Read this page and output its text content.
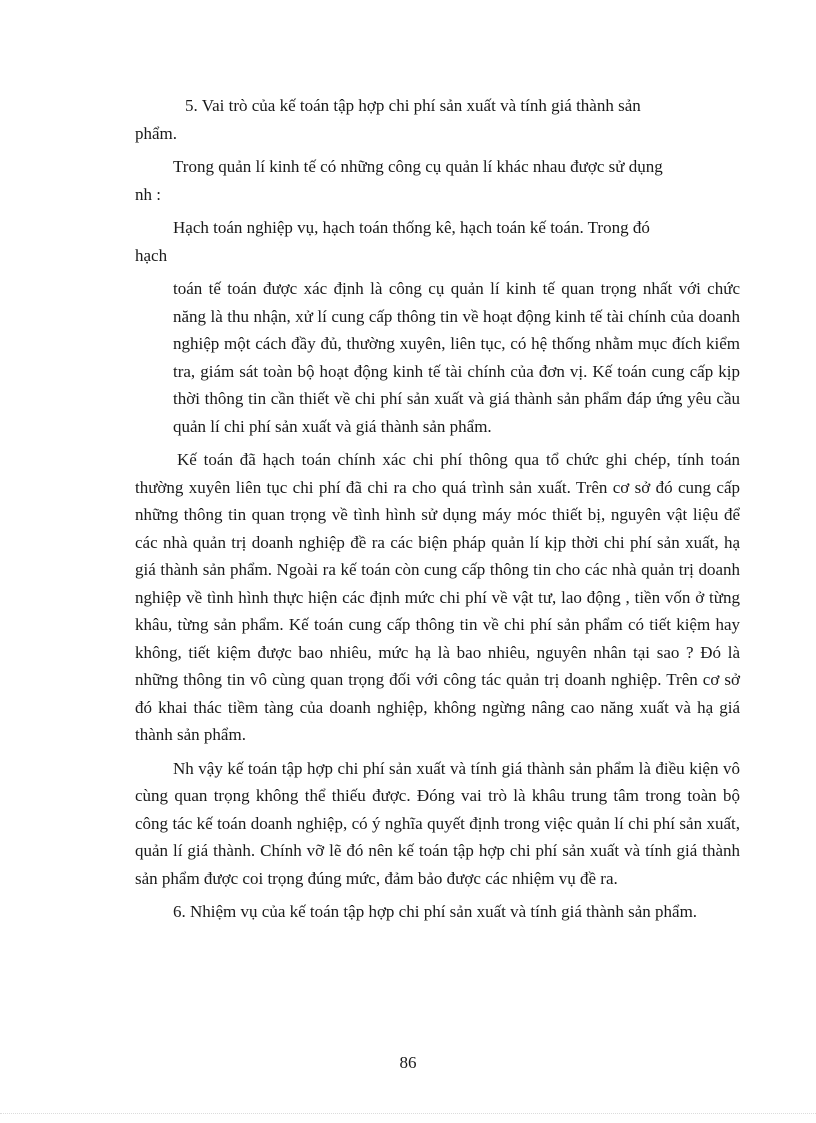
5. Vai trò của kế toán tập hợp chi phí sản xuất và tính giá thành sản
phẩm.

Trong quản lí kinh tế có những công cụ quản lí khác nhau được sử dụng
nh :

Hạch toán nghiệp vụ, hạch toán thống kê, hạch toán kế toán. Trong đó
hạch

toán tế toán được xác định là công cụ quản lí kinh tế quan trọng nhất với chức năng là thu nhận, xử lí cung cấp thông tin về hoạt động kinh tế tài chính của doanh nghiệp một cách đầy đủ, thường xuyên, liên tục, có hệ thống nhằm mục đích kiểm tra, giám sát toàn bộ hoạt động kinh tế tài chính của đơn vị. Kế toán cung cấp kịp thời thông tin cần thiết về chi phí sản xuất và giá thành sản phẩm đáp ứng yêu cầu quản lí chi phí sản xuất và giá thành sản phẩm.

Kế toán đã hạch toán chính xác chi phí thông qua tổ chức ghi chép, tính toán thường xuyên liên tục chi phí đã chi ra cho quá trình sản xuất. Trên cơ sở đó cung cấp những thông tin quan trọng về tình hình sử dụng máy móc thiết bị, nguyên vật liệu để các nhà quản trị doanh nghiệp đề ra các biện pháp quản lí kịp thời chi phí sản xuất, hạ giá thành sản phẩm. Ngoài ra kế toán còn cung cấp thông tin cho các nhà quản trị doanh nghiệp về tình hình thực hiện các định mức chi phí về vật tư, lao động , tiền vốn ở từng khâu, từng sản phẩm. Kế toán cung cấp thông tin về chi phí sản phẩm có tiết kiệm hay không, tiết kiệm được bao nhiêu, mức hạ là bao nhiêu, nguyên nhân tại sao ? Đó là những thông tin vô cùng quan trọng đối với công tác quản trị doanh nghiệp. Trên cơ sở đó khai thác tiềm tàng của doanh nghiệp, không ngừng nâng cao năng xuất và hạ giá thành sản phẩm.

Nh vậy kế toán tập hợp chi phí sản xuất và tính giá thành sản phẩm là điều kiện vô cùng quan trọng không thể thiếu được. Đóng vai trò là khâu trung tâm trong toàn bộ công tác kế toán doanh nghiệp, có ý nghĩa quyết định trong việc quản lí chi phí sản xuất, quản lí giá thành. Chính vỡ lẽ đó nên kế toán tập hợp chi phí sản xuất và tính giá thành sản phẩm được coi trọng đúng mức, đảm bảo được các nhiệm vụ đề ra.

6. Nhiệm vụ của kế toán tập hợp chi phí sản xuất và tính giá thành sản phẩm.

86
